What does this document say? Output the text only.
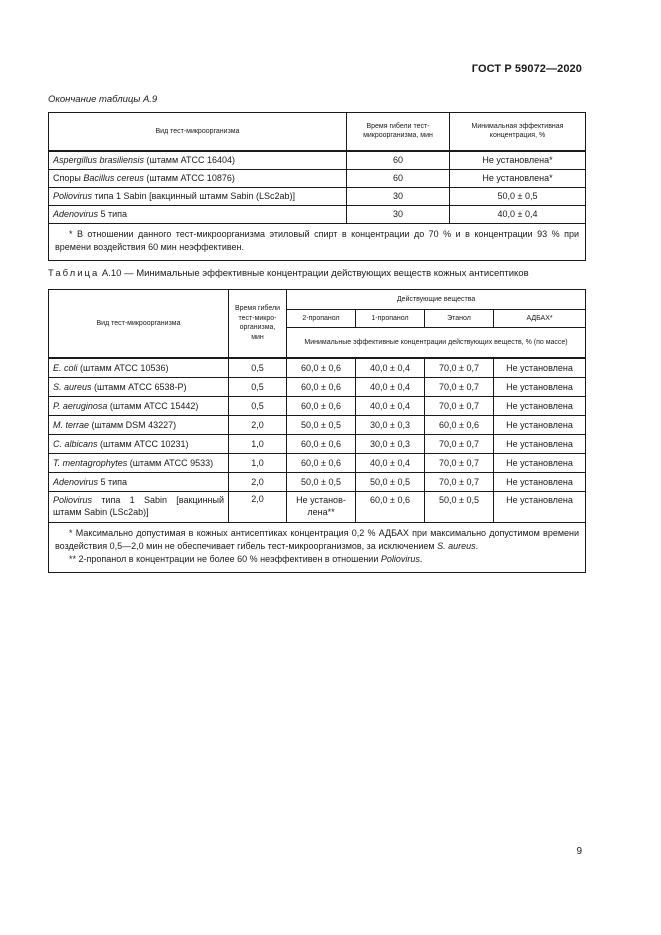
ГОСТ Р 59072—2020
Окончание таблицы А.9
Вид тест-микроорганизма	Время гибели тест-микроорганизма, мин	Минимальная эффективная концентрация, %
Aspergillus brasiliensis (штамм АТСС 16404)	60	Не установлена*
Споры Bacillus cereus (штамм АТСС 10876)	60	Не установлена*
Poliovirus типа 1 Sabin [вакцинный штамм Sabin (LSc2ab)]	30	50,0 ± 0,5
Adenovirus 5 типа	30	40,0 ± 0,4

* В отношении данного тест-микроорганизма этиловый спирт в концентрации до 70 % и в концентрации 93 % при времени воздействия 60 мин неэффективен.		

Таблица А.10 — Минимальные эффективные концентрации действующих веществ кожных антисептиков
Вид тест-микроорганизма	Время гибели тест-микро-организма, мин	Действующие вещества			
		2-пропанол	1-пропанол	Этанол	АДБАХ*
		Минимальные эффективные концентрации действующих веществ, % (по массе)			
E. coli (штамм АТСС 10536)	0,5	60,0 ± 0,6	40,0 ± 0,4	70,0 ± 0,7	Не установлена
S. aureus (штамм АТСС 6538-P)	0,5	60,0 ± 0,6	40,0 ± 0,4	70,0 ± 0,7	Не установлена
P. aeruginosa (штамм АТСС 15442)	0,5	60,0 ± 0,6	40,0 ± 0,4	70,0 ± 0,7	Не установлена
M. terrae (штамм DSM 43227)	2,0	50,0 ± 0,5	30,0 ± 0,3	60,0 ± 0,6	Не установлена
C. albicans (штамм АТСС 10231)	1,0	60,0 ± 0,6	30,0 ± 0,3	70,0 ± 0,7	Не установлена
T. mentagrophytes (штамм АТСС 9533)	1,0	60,0 ± 0,6	40,0 ± 0,4	70,0 ± 0,7	Не установлена
Adenovirus 5 типа	2,0	50,0 ± 0,5	50,0 ± 0,5	70,0 ± 0,7	Не установлена
Poliovirus типа 1 Sabin [вакцинный штамм Sabin (LSc2ab)]	2,0	Не установ-лена**	60,0 ± 0,6	50,0 ± 0,5	Не установлена

* Максимально допустимая в кожных антисептиках концентрация 0,2 % АДБАХ при максимально допустимом времени воздействия 0,5—2,0 мин не обеспечивает гибель тест-микроорганизмов, за исключением S. aureus.

** 2-пропанол в концентрации не более 60 % неэффективен в отношении Poliovirus.					

9
